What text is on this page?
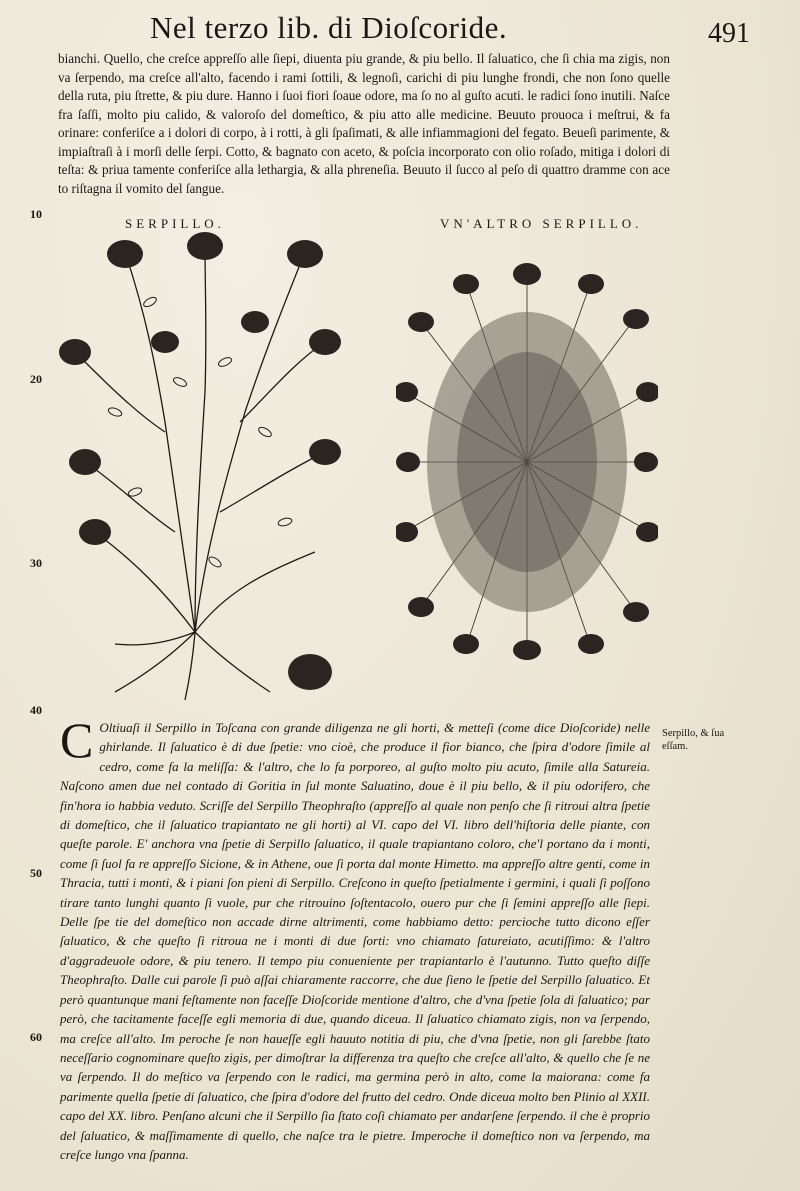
Nel terzo lib. di Dioſcoride.	491

bianchi. Quello, che creſce appreſſo alle ſiepi, diuenta piu grande, & piu bello. Il ſaluatico, che ſi chia ma zigis, non va ſerpendo, ma creſce all'alto, facendo i rami ſottili, & legnoſi, carichi di piu lunghe frondi, che non ſono quelle della ruta, piu ſtrette, & piu dure. Hanno i ſuoi fiori ſoaue odore, ma ſo no al guſto acuti. le radici ſono inutili. Naſce fra ſaſſi, molto piu calido, & valoroſo del domeſtico, & piu atto alle medicine. Beuuto prouoca i meſtrui, & fa orinare: conferiſce a i dolori di corpo, à i rotti, à gli ſpaſimati, & alle infiammagioni del fegato. Beueſi parimente, & impiaſtraſi à i morſi delle ſerpi. Cotto, & bagnato con aceto, & poſcia incorporato con olio roſado, mitiga i dolori di teſta: & priua tamente conferiſce alla lethargia, & alla phreneſia. Beuuto il ſucco al peſo di quattro dramme con ace to riſtagna il vomito del ſangue.

10
20
30
40
50
60
SERPILLO.	VN'ALTRO SERPILLO.
C Oltiuaſi il Serpillo in Toſcana con grande diligenza ne gli horti, & metteſi (come dice Dioſcoride) nelle ghirlande. Il ſaluatico è di due ſpetie: vno cioè, che produce il fior bianco, che ſpira d'odore ſimile al cedro, come fa la meliſſa: & l'altro, che lo fa porporeo, al guſto molto piu acuto, ſimile alla Satureia. Naſcono amen due nel contado di Goritia in ſul monte Saluatino, doue è il piu bello, & il piu odorifero, che fin'hora io habbia veduto. Scriſſe del Serpillo Theophraſto (appreſſo al quale non penſo che ſi ritroui altra ſpetie di domeſtico, che il ſaluatico trapiantato ne gli horti) al VI. capo del VI. libro dell'hiſtoria delle piante, con queſte parole. E' anchora vna ſpetie di Serpillo ſaluatico, il quale trapiantano coloro, che'l portano da i monti, come ſi ſuol fa re appreſſo Sicione, & in Athene, oue ſi porta dal monte Himetto. ma appreſſo altre genti, come in Thracia, tutti i monti, & i piani ſon pieni di Serpillo. Creſcono in queſto ſpetialmente i germini, i quali ſi poſſono tirare tanto lunghi quanto ſi vuole, pur che ritrouino ſoſtentacolo, ouero pur che ſi ſemini appreſſo alle ſiepi. Delle ſpe tie del domeſtico non accade dirne altrimenti, come habbiamo detto: percioche tutto dicono eſſer ſaluatico, & che queſto ſi ritroua ne i monti di due ſorti: vno chiamato ſatureiato, acutiſſimo: & l'altro d'aggradeuole odore, & piu tenero. Il tempo piu conueniente per trapiantarlo è l'autunno. Tutto queſto diſſe Theophraſto. Dalle cui parole ſi può aſſai chiaramente raccorre, che due ſieno le ſpetie del Serpillo ſaluatico. Et però quantunque mani feſtamente non faceſſe Dioſcoride mentione d'altro, che d'vna ſpetie ſola di ſaluatico; par però, che tacitamente faceſſe egli memoria di due, quando diceua. Il ſaluatico chiamato zigis, non va ſerpendo, ma creſce all'alto. Im peroche ſe non haueſſe egli hauuto notitia di piu, che d'vna ſpetie, non gli ſarebbe ſtato neceſſario cognominare queſto zigis, per dimoſtrar la differenza tra queſto che creſce all'alto, & quello che ſe ne va ſerpendo. Il do meſtico va ſerpendo con le radici, ma germina però in alto, come la maiorana: come fa parimente quella ſpetie di ſaluatico, che ſpira d'odore del frutto del cedro. Onde diceua molto ben Plinio al XXII. capo del XX. libro. Penſano alcuni che il Serpillo ſia ſtato coſi chiamato per andarſene ſerpendo. il che è proprio del ſaluatico, & maſſimamente di quello, che naſce tra le pietre. Imperoche il domeſtico non va ſerpendo, ma creſce lungo vna ſpanna.

Serpillo, & ſua eſſam.
